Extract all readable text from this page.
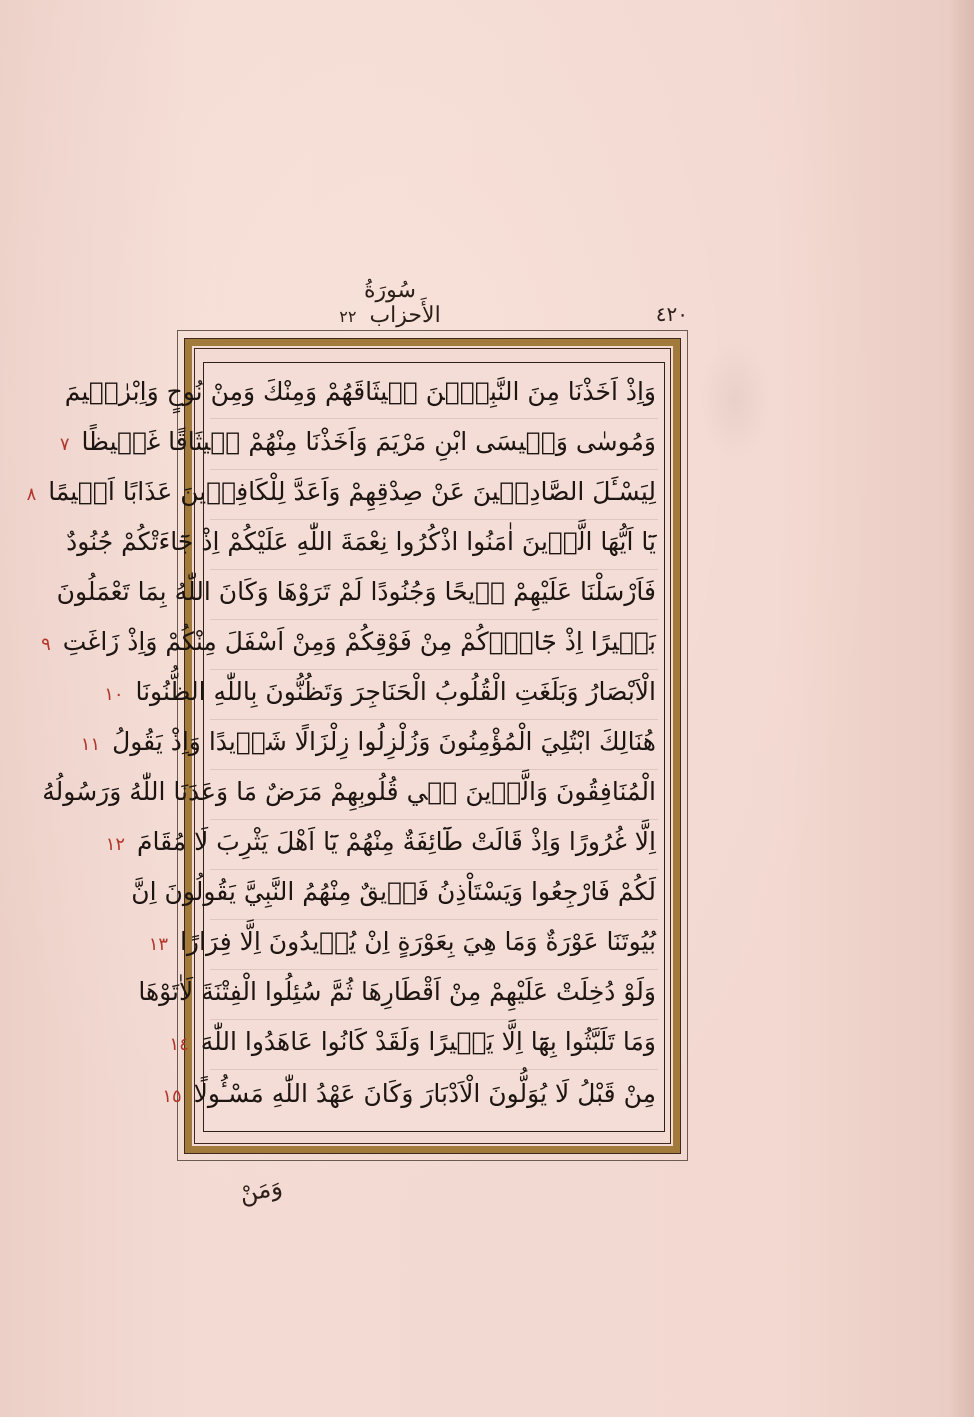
سُورَةُ الأَحزاب ٢٢	٤٢٠
وَاِذْ اَخَذْنَا مِنَ النَّبِيّٖنَ مٖيثَاقَهُمْ وَمِنْكَ وَمِنْ نُوحٍ وَاِبْرٰهٖيمَ
وَمُوسٰى وَعٖيسَى ابْنِ مَرْيَمَ وَاَخَذْنَا مِنْهُمْ مٖيثَاقًا غَلٖيظًا ٧
لِيَسْـَٔلَ الصَّادِقٖينَ عَنْ صِدْقِهِمْ وَاَعَدَّ لِلْكَافِرٖينَ عَذَابًا اَلٖيمًا ٨
يَٓا اَيُّهَا الَّذٖينَ اٰمَنُوا اذْكُرُوا نِعْمَةَ اللّٰهِ عَلَيْكُمْ اِذْ جَٓاءَتْكُمْ جُنُودٌ
فَاَرْسَلْنَا عَلَيْهِمْ رٖيحًا وَجُنُودًا لَمْ تَرَوْهَا وَكَانَ اللّٰهُ بِمَا تَعْمَلُونَ
بَصٖيرًا اِذْ جَٓاؤُ۫كُمْ مِنْ فَوْقِكُمْ وَمِنْ اَسْفَلَ مِنْكُمْ وَاِذْ زَاغَتِ ٩
الْاَبْصَارُ وَبَلَغَتِ الْقُلُوبُ الْحَنَاجِرَ وَتَظُنُّونَ بِاللّٰهِ الظُّنُونَا ١٠
هُنَالِكَ ابْتُلِيَ الْمُؤْمِنُونَ وَزُلْزِلُوا زِلْزَالًا شَدٖيدًا وَاِذْ يَقُولُ ١١
الْمُنَافِقُونَ وَالَّذٖينَ فٖي قُلُوبِهِمْ مَرَضٌ مَا وَعَدَنَا اللّٰهُ وَرَسُولُهُ
اِلَّا غُرُورًا وَاِذْ قَالَتْ طَٓائِفَةٌ مِنْهُمْ يَٓا اَهْلَ يَثْرِبَ لَا مُقَامَ ١٢
لَكُمْ فَارْجِعُوا وَيَسْتَاْذِنُ فَرٖيقٌ مِنْهُمُ النَّبِيَّ يَقُولُونَ اِنَّ
بُيُوتَنَا عَوْرَةٌ وَمَا هِيَ بِعَوْرَةٍ اِنْ يُرٖيدُونَ اِلَّا فِرَارًا ١٣
وَلَوْ دُخِلَتْ عَلَيْهِمْ مِنْ اَقْطَارِهَا ثُمَّ سُئِلُوا الْفِتْنَةَ لَاٰتَوْهَا
وَمَا تَلَبَّثُوا بِهَٓا اِلَّا يَسٖيرًا وَلَقَدْ كَانُوا عَاهَدُوا اللّٰهَ ١٤
مِنْ قَبْلُ لَا يُوَلُّونَ الْاَدْبَارَ وَكَانَ عَهْدُ اللّٰهِ مَسْـُٔولًا ١٥
وَمَنْ
